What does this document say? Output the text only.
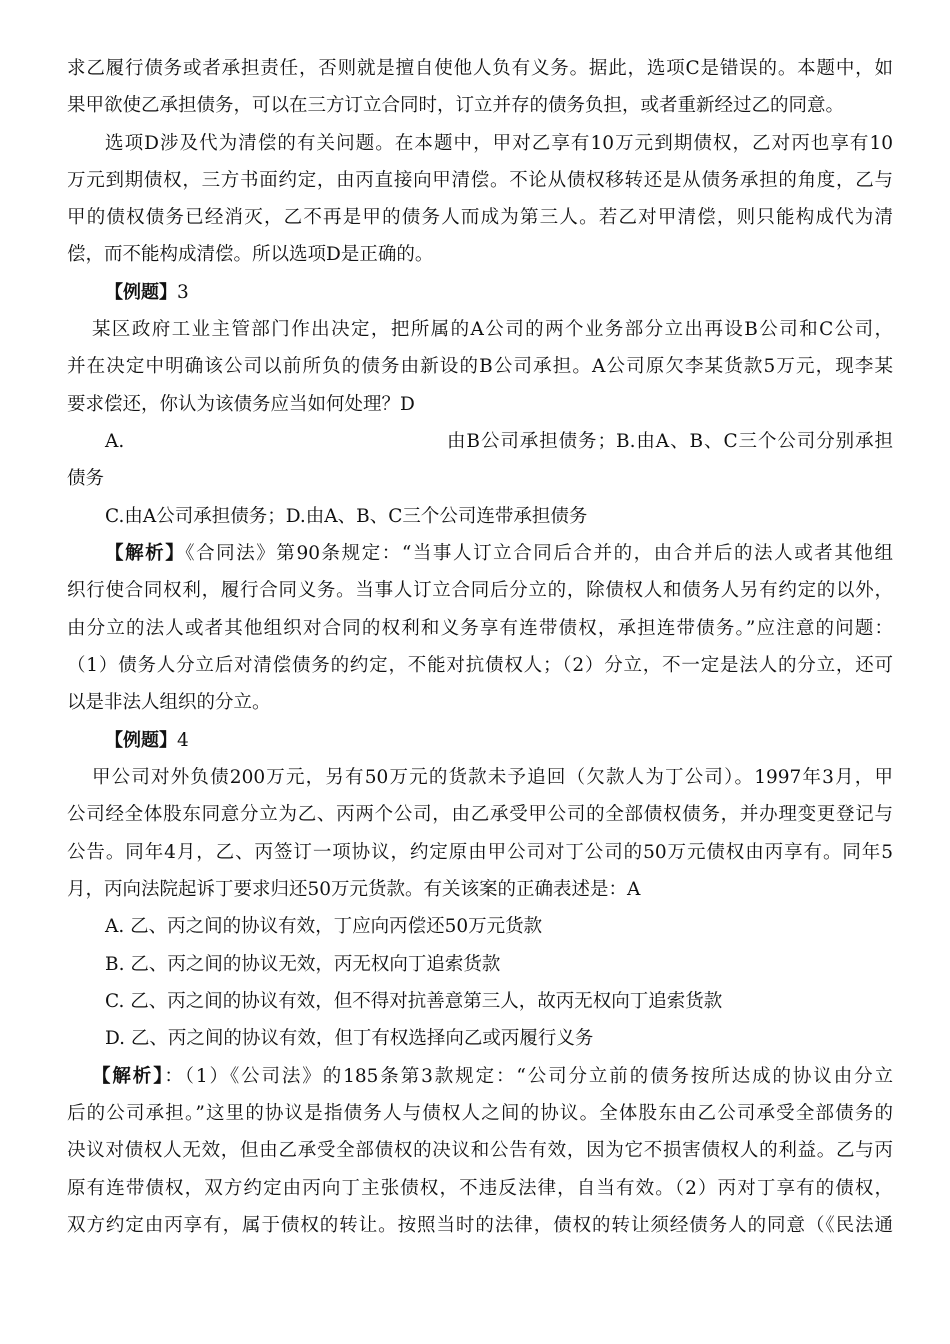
求乙履行债务或者承担责任，否则就是擅自使他人负有义务。据此，选项C是错误的。本题中，如
果甲欲使乙承担债务，可以在三方订立合同时，订立并存的债务负担，或者重新经过乙的同意。
选项D涉及代为清偿的有关问题。在本题中，甲对乙享有10万元到期债权，乙对丙也享有10
万元到期债权，三方书面约定，由丙直接向甲清偿。不论从债权移转还是从债务承担的角度，乙与
甲的债权债务已经消灭，乙不再是甲的债务人而成为第三人。若乙对甲清偿，则只能构成代为清
偿，而不能构成清偿。所以选项D是正确的。
【例题】3
某区政府工业主管部门作出决定，把所属的A公司的两个业务部分立出再设B公司和C公司，
并在决定中明确该公司以前所负的债务由新设的B公司承担。A公司原欠李某货款5万元，现李某
要求偿还，你认为该债务应当如何处理？D
A.	由B公司承担债务；B.由A、B、C三个公司分别承担
债务
C.由A公司承担债务；D.由A、B、C三个公司连带承担债务
【解析】《合同法》第90条规定：“当事人订立合同后合并的，由合并后的法人或者其他组
织行使合同权利，履行合同义务。当事人订立合同后分立的，除债权人和债务人另有约定的以外，
由分立的法人或者其他组织对合同的权利和义务享有连带债权，承担连带债务。”应注意的问题：
（1）债务人分立后对清偿债务的约定，不能对抗债权人；（2）分立，不一定是法人的分立，还可
以是非法人组织的分立。
【例题】4
甲公司对外负债200万元，另有50万元的货款未予追回（欠款人为丁公司）。1997年3月，甲
公司经全体股东同意分立为乙、丙两个公司，由乙承受甲公司的全部债权债务，并办理变更登记与
公告。同年4月，乙、丙签订一项协议，约定原由甲公司对丁公司的50万元债权由丙享有。同年5
月，丙向法院起诉丁要求归还50万元货款。有关该案的正确表述是：A
A. 乙、丙之间的协议有效，丁应向丙偿还50万元货款
B. 乙、丙之间的协议无效，丙无权向丁追索货款
C. 乙、丙之间的协议有效，但不得对抗善意第三人，故丙无权向丁追索货款
D. 乙、丙之间的协议有效，但丁有权选择向乙或丙履行义务
【解析】：（1）《公司法》的185条第3款规定：“公司分立前的债务按所达成的协议由分立
后的公司承担。”这里的协议是指债务人与债权人之间的协议。全体股东由乙公司承受全部债务的
决议对债权人无效，但由乙承受全部债权的决议和公告有效，因为它不损害债权人的利益。乙与丙
原有连带债权，双方约定由丙向丁主张债权，不违反法律，自当有效。（2）丙对丁享有的债权，
双方约定由丙享有，属于债权的转让。按照当时的法律，债权的转让须经债务人的同意（《民法通
